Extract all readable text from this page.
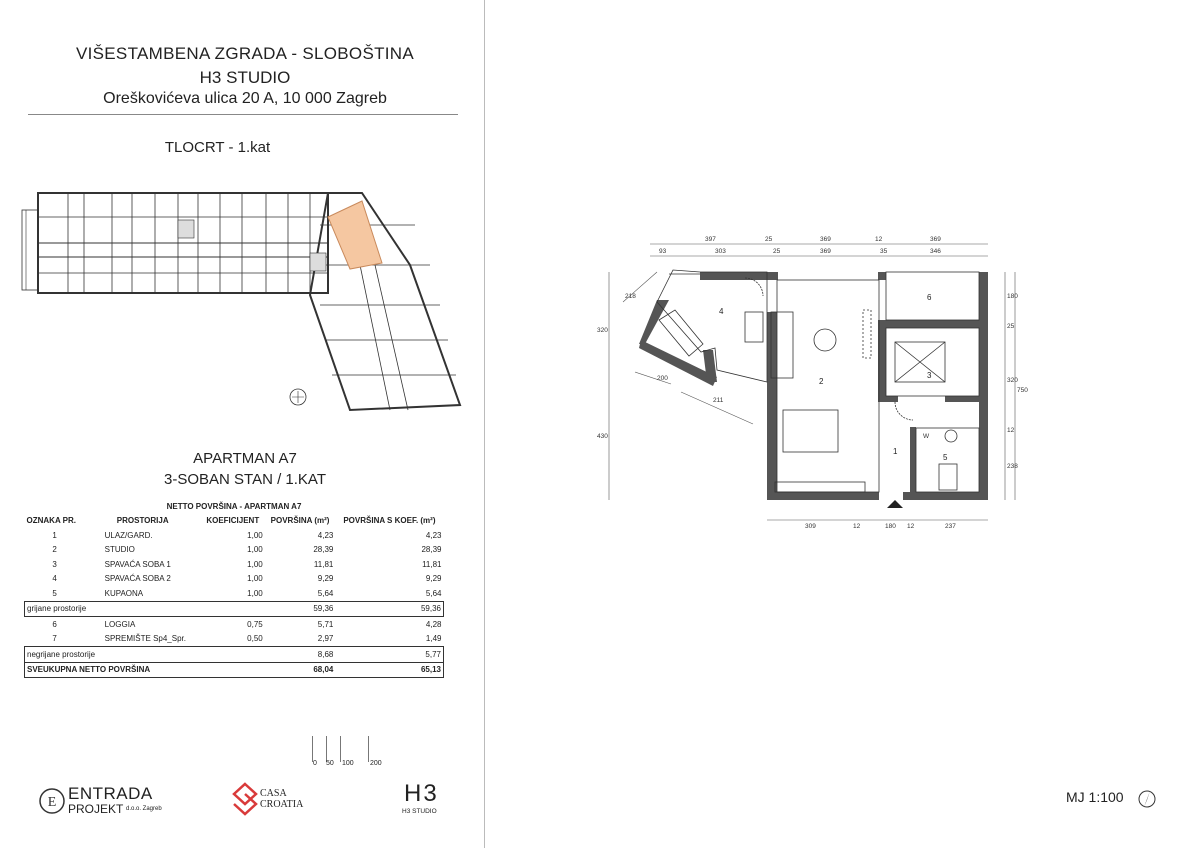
VIŠESTAMBENA ZGRADA - SLOBOŠTINA
H3 STUDIO
Oreškovićeva ulica 20 A, 10 000 Zagreb
TLOCRT - 1.kat
APARTMAN A7
3-SOBAN STAN / 1.KAT
NETTO POVRŠINA - APARTMAN A7				
OZNAKA PR.	PROSTORIJA	KOEFICIJENT	POVRŠINA (m²)	POVRŠINA S KOEF. (m²)
1	ULAZ/GARD.	1,00	4,23	4,23
2	STUDIO	1,00	28,39	28,39
3	SPAVAĆA SOBA 1	1,00	11,81	11,81
4	SPAVAĆA SOBA 2	1,00	9,29	9,29
5	KUPAONA	1,00	5,64	5,64
grijane prostorije			59,36	59,36
6	LOGGIA	0,75	5,71	4,28
7	SPREMIŠTE Sp4_Spr.	0,50	2,97	1,49
negrijane prostorije			8,68	5,77
SVEUKUPNA NETTO POVRŠINA			68,04	65,13
0 50 100 200
E ENTRADA
PROJEKT d.o.o. Zagreb
CASA
CROATIA	H3
H3 STUDIO
397	25	369	12	369
93	303	25	369	35	346
309	12	180 12	237
180
25
320
750
12
238
320
430
218
200
211
1
2
3
4
5
6
W
MJ 1:100
